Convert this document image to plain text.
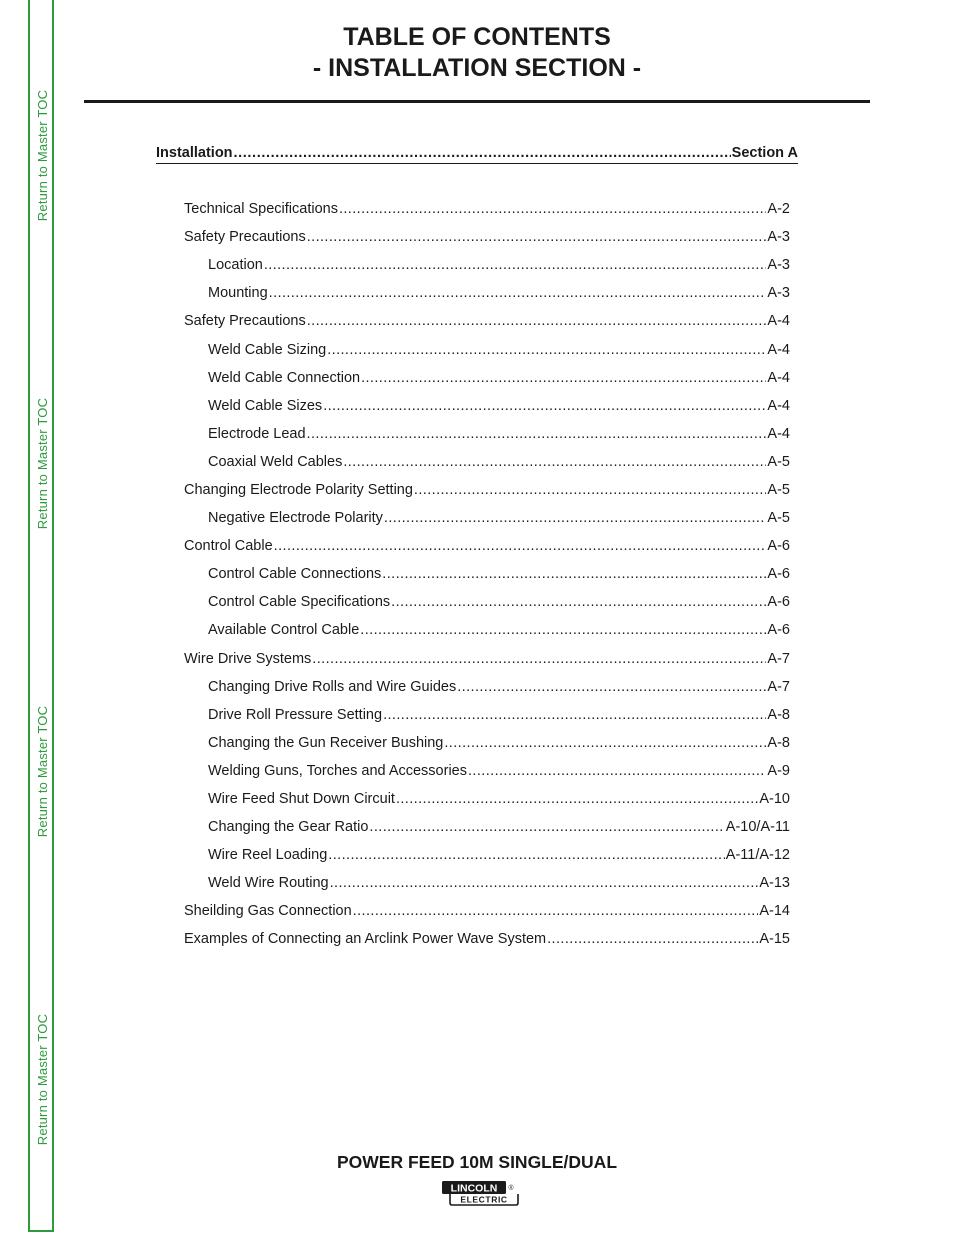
Return to Master TOC
Return to Master TOC
Return to Master TOC
Return to Master TOC
TABLE OF CONTENTS
- INSTALLATION SECTION -
Installation .....	Section A
Technical Specifications .....	A-2
Safety Precautions .....	A-3
Location .....	A-3
Mounting .....	A-3
Safety Precautions .....	A-4
Weld Cable Sizing .....	A-4
Weld Cable Connection .....	A-4
Weld Cable Sizes .....	A-4
Electrode Lead .....	A-4
Coaxial Weld Cables .....	A-5
Changing Electrode Polarity Setting .....	A-5
Negative Electrode Polarity .....	A-5
Control Cable .....	A-6
Control Cable Connections .....	A-6
Control Cable Specifications .....	A-6
Available Control Cable .....	A-6
Wire Drive Systems .....	A-7
Changing Drive Rolls and Wire Guides .....	A-7
Drive Roll Pressure Setting .....	A-8
Changing the Gun Receiver Bushing .....	A-8
Welding Guns, Torches and Accessories .....	A-9
Wire Feed Shut Down Circuit .....	A-10
Changing the Gear Ratio .....	A-10/A-11
Wire Reel Loading .....	A-11/A-12
Weld Wire Routing .....	A-13
Sheilding Gas Connection .....	A-14
Examples of Connecting an Arclink Power Wave System .....	A-15
POWER FEED 10M SINGLE/DUAL
LINCOLN ®
ELECTRIC
